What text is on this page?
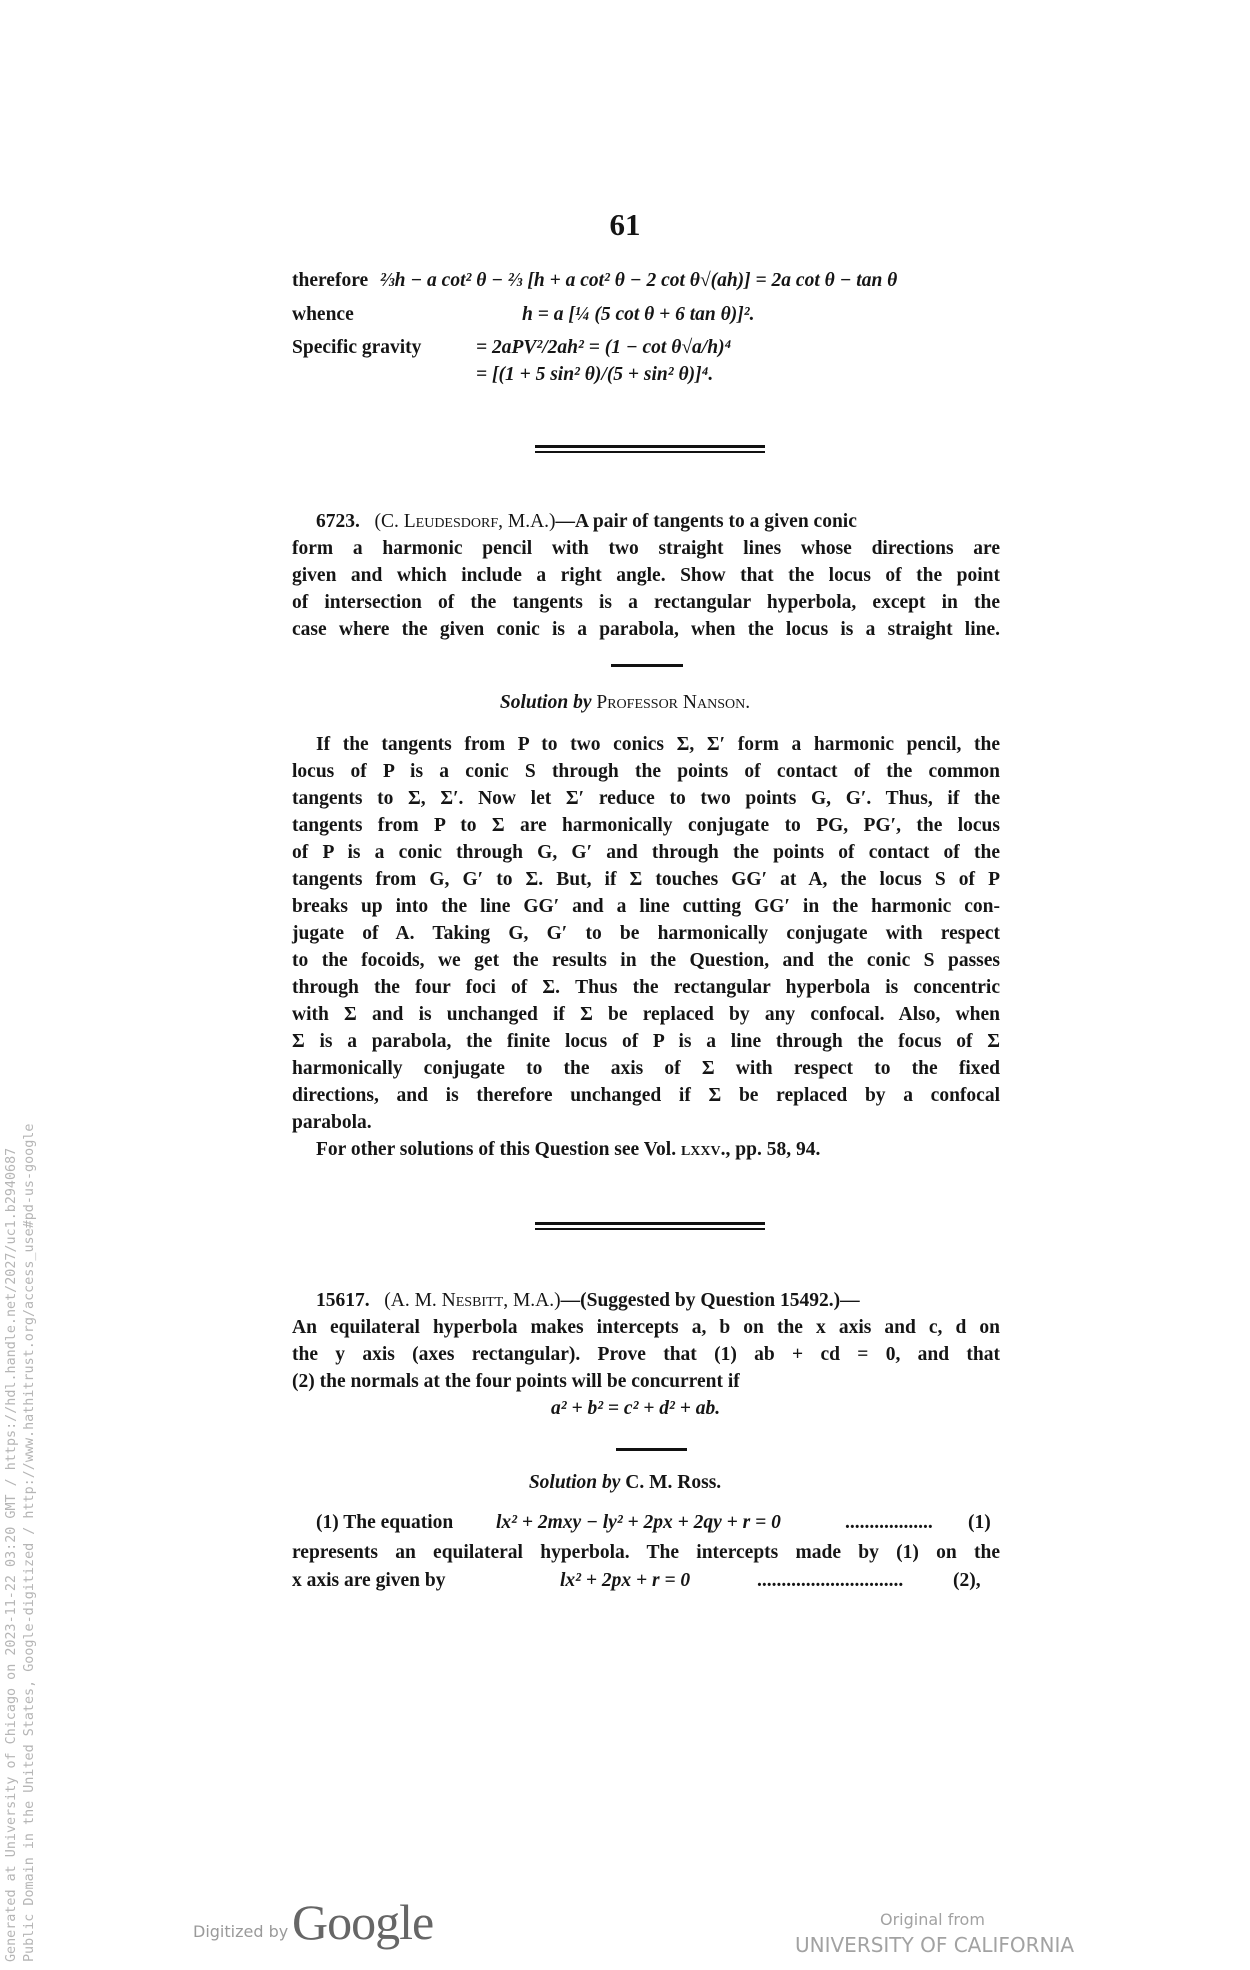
61
therefore ⅔h − a cot² θ − ⅔ [h + a cot² θ − 2 cot θ√(ah)] = 2a cot θ − tan θ
whence	h = a [¼ (5 cot θ + 6 tan θ)]².
Specific gravity	= 2aPV²/2ah² = (1 − cot θ√a/h)⁴
= [(1 + 5 sin² θ)/(5 + sin² θ)]⁴.
6723. (C. Leudesdorf, M.A.)—A pair of tangents to a given conic
form a harmonic pencil with two straight lines whose directions are
given and which include a right angle. Show that the locus of the point
of intersection of the tangents is a rectangular hyperbola, except in the
case where the given conic is a parabola, when the locus is a straight line.
Solution by Professor Nanson.
If the tangents from P to two conics Σ, Σ′ form a harmonic pencil, the
locus of P is a conic S through the points of contact of the common
tangents to Σ, Σ′. Now let Σ′ reduce to two points G, G′. Thus, if the
tangents from P to Σ are harmonically conjugate to PG, PG′, the locus
of P is a conic through G, G′ and through the points of contact of the
tangents from G, G′ to Σ. But, if Σ touches GG′ at A, the locus S of P
breaks up into the line GG′ and a line cutting GG′ in the harmonic con-
jugate of A. Taking G, G′ to be harmonically conjugate with respect
to the focoids, we get the results in the Question, and the conic S passes
through the four foci of Σ. Thus the rectangular hyperbola is concentric
with Σ and is unchanged if Σ be replaced by any confocal. Also, when
Σ is a parabola, the finite locus of P is a line through the focus of Σ
harmonically conjugate to the axis of Σ with respect to the fixed
directions, and is therefore unchanged if Σ be replaced by a confocal
parabola.
For other solutions of this Question see Vol. lxxv., pp. 58, 94.
15617. (A. M. Nesbitt, M.A.)—(Suggested by Question 15492.)—
An equilateral hyperbola makes intercepts a, b on the x axis and c, d on
the y axis (axes rectangular). Prove that (1) ab + cd = 0, and that
(2) the normals at the four points will be concurrent if
a² + b² = c² + d² + ab.
Solution by C. M. Ross.
(1) The equation lx² + 2mxy − ly² + 2px + 2qy + r = 0	.................. (1)
represents an equilateral hyperbola. The intercepts made by (1) on the
x axis are given by	lx² + 2px + r = 0	..............................	(2),
Generated at University of Chicago on 2023-11-22 03:20 GMT / https://hdl.handle.net/2027/uc1.b2940687 Public Domain in the United States, Google-digitized / http://www.hathitrust.org/access_use#pd-us-google	Digitized by Google	Original from
UNIVERSITY OF CALIFORNIA
